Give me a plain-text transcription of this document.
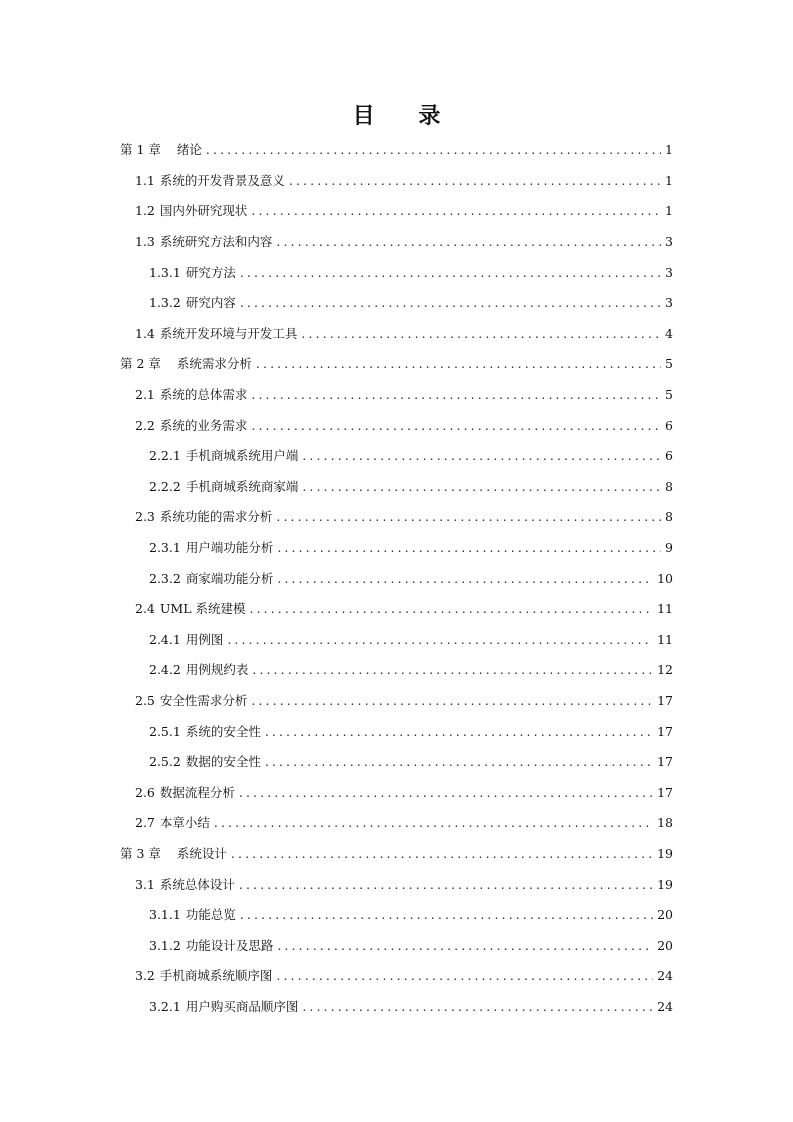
目 录
第 1 章 绪论 .....	1
1.1 系统的开发背景及意义 .....	1
1.2 国内外研究现状 .....	1
1.3 系统研究方法和内容 .....	3
1.3.1 研究方法 .....	3
1.3.2 研究内容 .....	3
1.4 系统开发环境与开发工具 .....	4
第 2 章 系统需求分析 .....	5
2.1 系统的总体需求 .....	5
2.2 系统的业务需求 .....	6
2.2.1 手机商城系统用户端 .....	6
2.2.2 手机商城系统商家端 .....	8
2.3 系统功能的需求分析 .....	8
2.3.1 用户端功能分析 .....	9
2.3.2 商家端功能分析 .....	10
2.4 UML 系统建模 .....	11
2.4.1 用例图 .....	11
2.4.2 用例规约表 .....	12
2.5 安全性需求分析 .....	17
2.5.1 系统的安全性 .....	17
2.5.2 数据的安全性 .....	17
2.6 数据流程分析 .....	17
2.7 本章小结 .....	18
第 3 章 系统设计 .....	19
3.1 系统总体设计 .....	19
3.1.1 功能总览 .....	20
3.1.2 功能设计及思路 .....	20
3.2 手机商城系统顺序图 .....	24
3.2.1 用户购买商品顺序图 .....	24
